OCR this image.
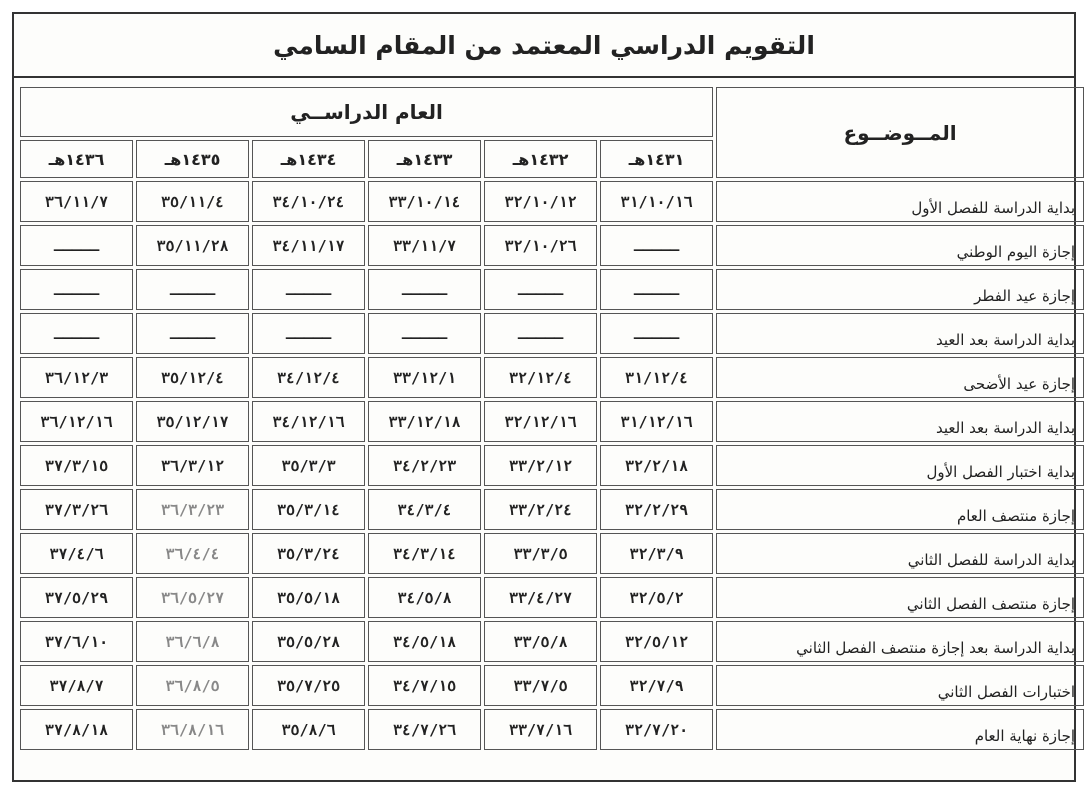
التقويم الدراسي المعتمد من المقام السامي
المــوضــوع	العام الدراســي					
	١٤٣١هـ	١٤٣٢هـ	١٤٣٣هـ	١٤٣٤هـ	١٤٣٥هـ	١٤٣٦هـ
بداية الدراسة للفصل الأول	٣١/١٠/١٦	٣٢/١٠/١٢	٣٣/١٠/١٤	٣٤/١٠/٢٤	٣٥/١١/٤	٣٦/١١/٧
إجازة اليوم الوطني	ـــــ	٣٢/١٠/٢٦	٣٣/١١/٧	٣٤/١١/١٧	٣٥/١١/٢٨	ـــــ
إجازة عيد الفطر	ـــــ	ـــــ	ـــــ	ـــــ	ـــــ	ـــــ
بداية الدراسة بعد العيد	ـــــ	ـــــ	ـــــ	ـــــ	ـــــ	ـــــ
إجازة عيد الأضحى	٣١/١٢/٤	٣٢/١٢/٤	٣٣/١٢/١	٣٤/١٢/٤	٣٥/١٢/٤	٣٦/١٢/٣
بداية الدراسة بعد العيد	٣١/١٢/١٦	٣٢/١٢/١٦	٣٣/١٢/١٨	٣٤/١٢/١٦	٣٥/١٢/١٧	٣٦/١٢/١٦
بداية اختبار الفصل الأول	٣٢/٢/١٨	٣٣/٢/١٢	٣٤/٢/٢٣	٣٥/٣/٣	٣٦/٣/١٢	٣٧/٣/١٥
إجازة منتصف العام	٣٢/٢/٢٩	٣٣/٢/٢٤	٣٤/٣/٤	٣٥/٣/١٤	٣٦/٣/٢٣	٣٧/٣/٢٦
بداية الدراسة للفصل الثاني	٣٢/٣/٩	٣٣/٣/٥	٣٤/٣/١٤	٣٥/٣/٢٤	٣٦/٤/٤	٣٧/٤/٦
إجازة منتصف الفصل الثاني	٣٢/٥/٢	٣٣/٤/٢٧	٣٤/٥/٨	٣٥/٥/١٨	٣٦/٥/٢٧	٣٧/٥/٢٩
بداية الدراسة بعد إجازة منتصف الفصل الثاني	٣٢/٥/١٢	٣٣/٥/٨	٣٤/٥/١٨	٣٥/٥/٢٨	٣٦/٦/٨	٣٧/٦/١٠
اختبارات الفصل الثاني	٣٢/٧/٩	٣٣/٧/٥	٣٤/٧/١٥	٣٥/٧/٢٥	٣٦/٨/٥	٣٧/٨/٧
إجازة نهاية العام	٣٢/٧/٢٠	٣٣/٧/١٦	٣٤/٧/٢٦	٣٥/٨/٦	٣٦/٨/١٦	٣٧/٨/١٨
